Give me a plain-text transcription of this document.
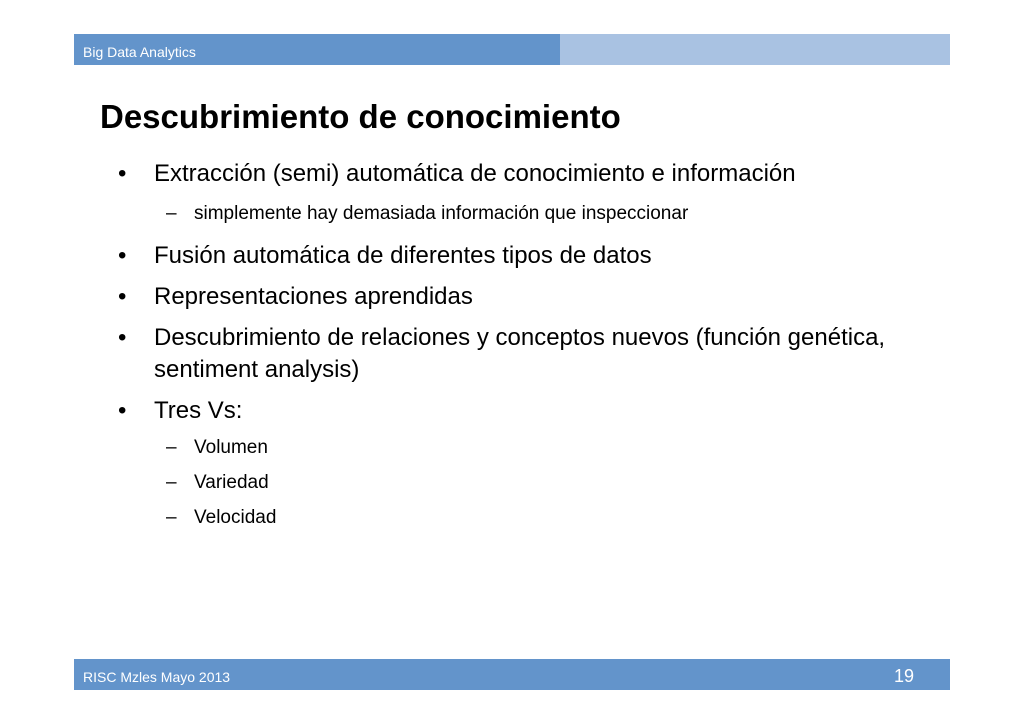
Big Data Analytics
Descubrimiento de conocimiento
•	Extracción (semi) automática de conocimiento e información
– simplemente hay demasiada información que inspeccionar
•	Fusión automática de diferentes tipos de datos
•	Representaciones aprendidas
•	Descubrimiento de relaciones y conceptos nuevos (función genética, sentiment analysis)
•	Tres Vs:
– Volumen
– Variedad
– Velocidad
RISC Mzles Mayo 2013	19
